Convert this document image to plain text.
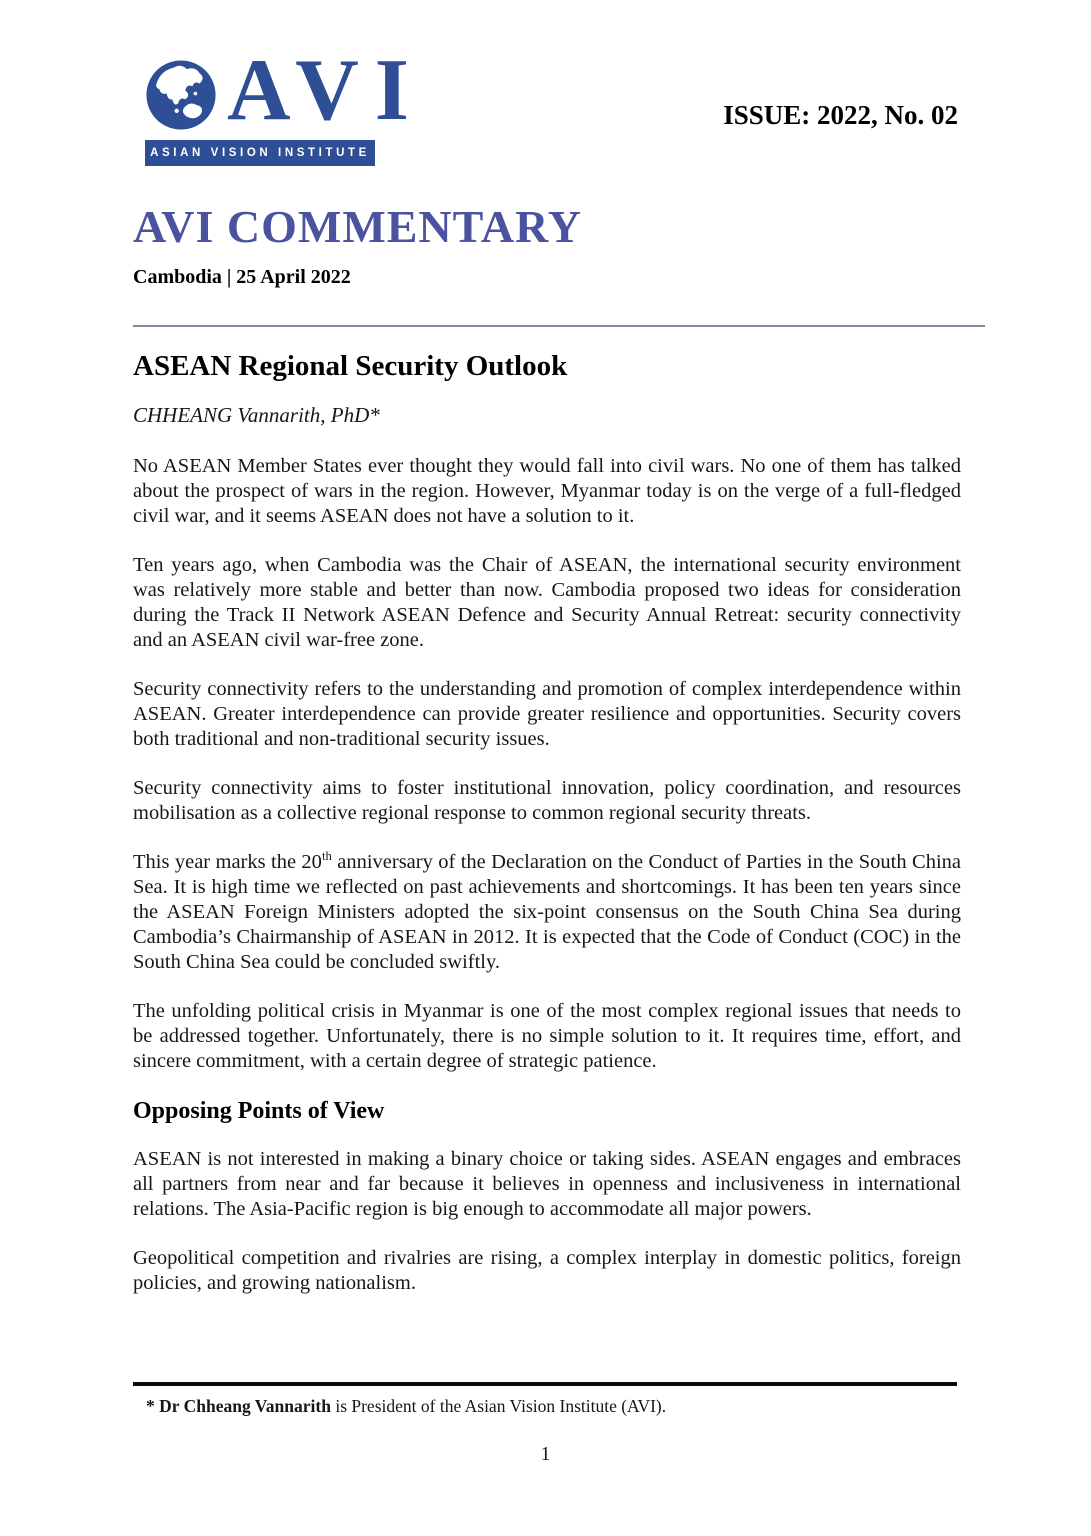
AVI
ASIAN VISION INSTITUTE
ISSUE: 2022, No. 02
AVI COMMENTARY
Cambodia | 25 April 2022
ASEAN Regional Security Outlook
CHHEANG Vannarith, PhD*

No ASEAN Member States ever thought they would fall into civil wars. No one of them has talked about the prospect of wars in the region. However, Myanmar today is on the verge of a full-fledged civil war, and it seems ASEAN does not have a solution to it.

Ten years ago, when Cambodia was the Chair of ASEAN, the international security environment was relatively more stable and better than now. Cambodia proposed two ideas for consideration during the Track II Network ASEAN Defence and Security Annual Retreat: security connectivity and an ASEAN civil war-free zone.

Security connectivity refers to the understanding and promotion of complex interdependence within ASEAN. Greater interdependence can provide greater resilience and opportunities. Security covers both traditional and non-traditional security issues.

Security connectivity aims to foster institutional innovation, policy coordination, and resources mobilisation as a collective regional response to common regional security threats.

This year marks the 20th anniversary of the Declaration on the Conduct of Parties in the South China Sea. It is high time we reflected on past achievements and shortcomings. It has been ten years since the ASEAN Foreign Ministers adopted the six-point consensus on the South China Sea during Cambodia’s Chairmanship of ASEAN in 2012. It is expected that the Code of Conduct (COC) in the South China Sea could be concluded swiftly.

The unfolding political crisis in Myanmar is one of the most complex regional issues that needs to be addressed together. Unfortunately, there is no simple solution to it. It requires time, effort, and sincere commitment, with a certain degree of strategic patience.

Opposing Points of View

ASEAN is not interested in making a binary choice or taking sides. ASEAN engages and embraces all partners from near and far because it believes in openness and inclusiveness in international relations. The Asia-Pacific region is big enough to accommodate all major powers.

Geopolitical competition and rivalries are rising, a complex interplay in domestic politics, foreign policies, and growing nationalism.

* Dr Chheang Vannarith is President of the Asian Vision Institute (AVI).
1
